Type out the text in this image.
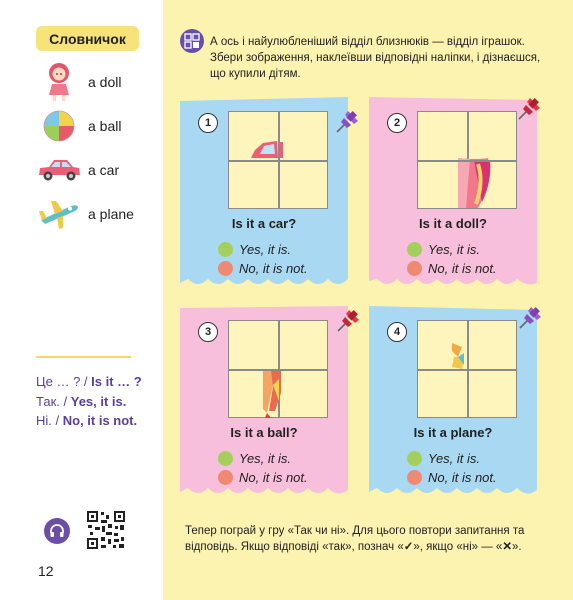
Словничок
a doll
a ball
a car
a plane
Це … ? / Is it … ?
Так. / Yes, it is.
Ні. / No, it is not.
12
А ось і найулюбленіший відділ близнюків — відділ іграшок. Збери зображення, наклеївши відповідні наліпки, і дізнаєшся, що купили дітям.
1
Is it a car?
Yes, it is.
No, it is not.
2
Is it a doll?
Yes, it is.
No, it is not.
3
Is it a ball?
Yes, it is.
No, it is not.
4
Is it a plane?
Yes, it is.
No, it is not.
Тепер пограй у гру «Так чи ні». Для цього повтори запитання та відповідь. Якщо відповіді «так», познач «✓», якщо «ні» — «✕».
